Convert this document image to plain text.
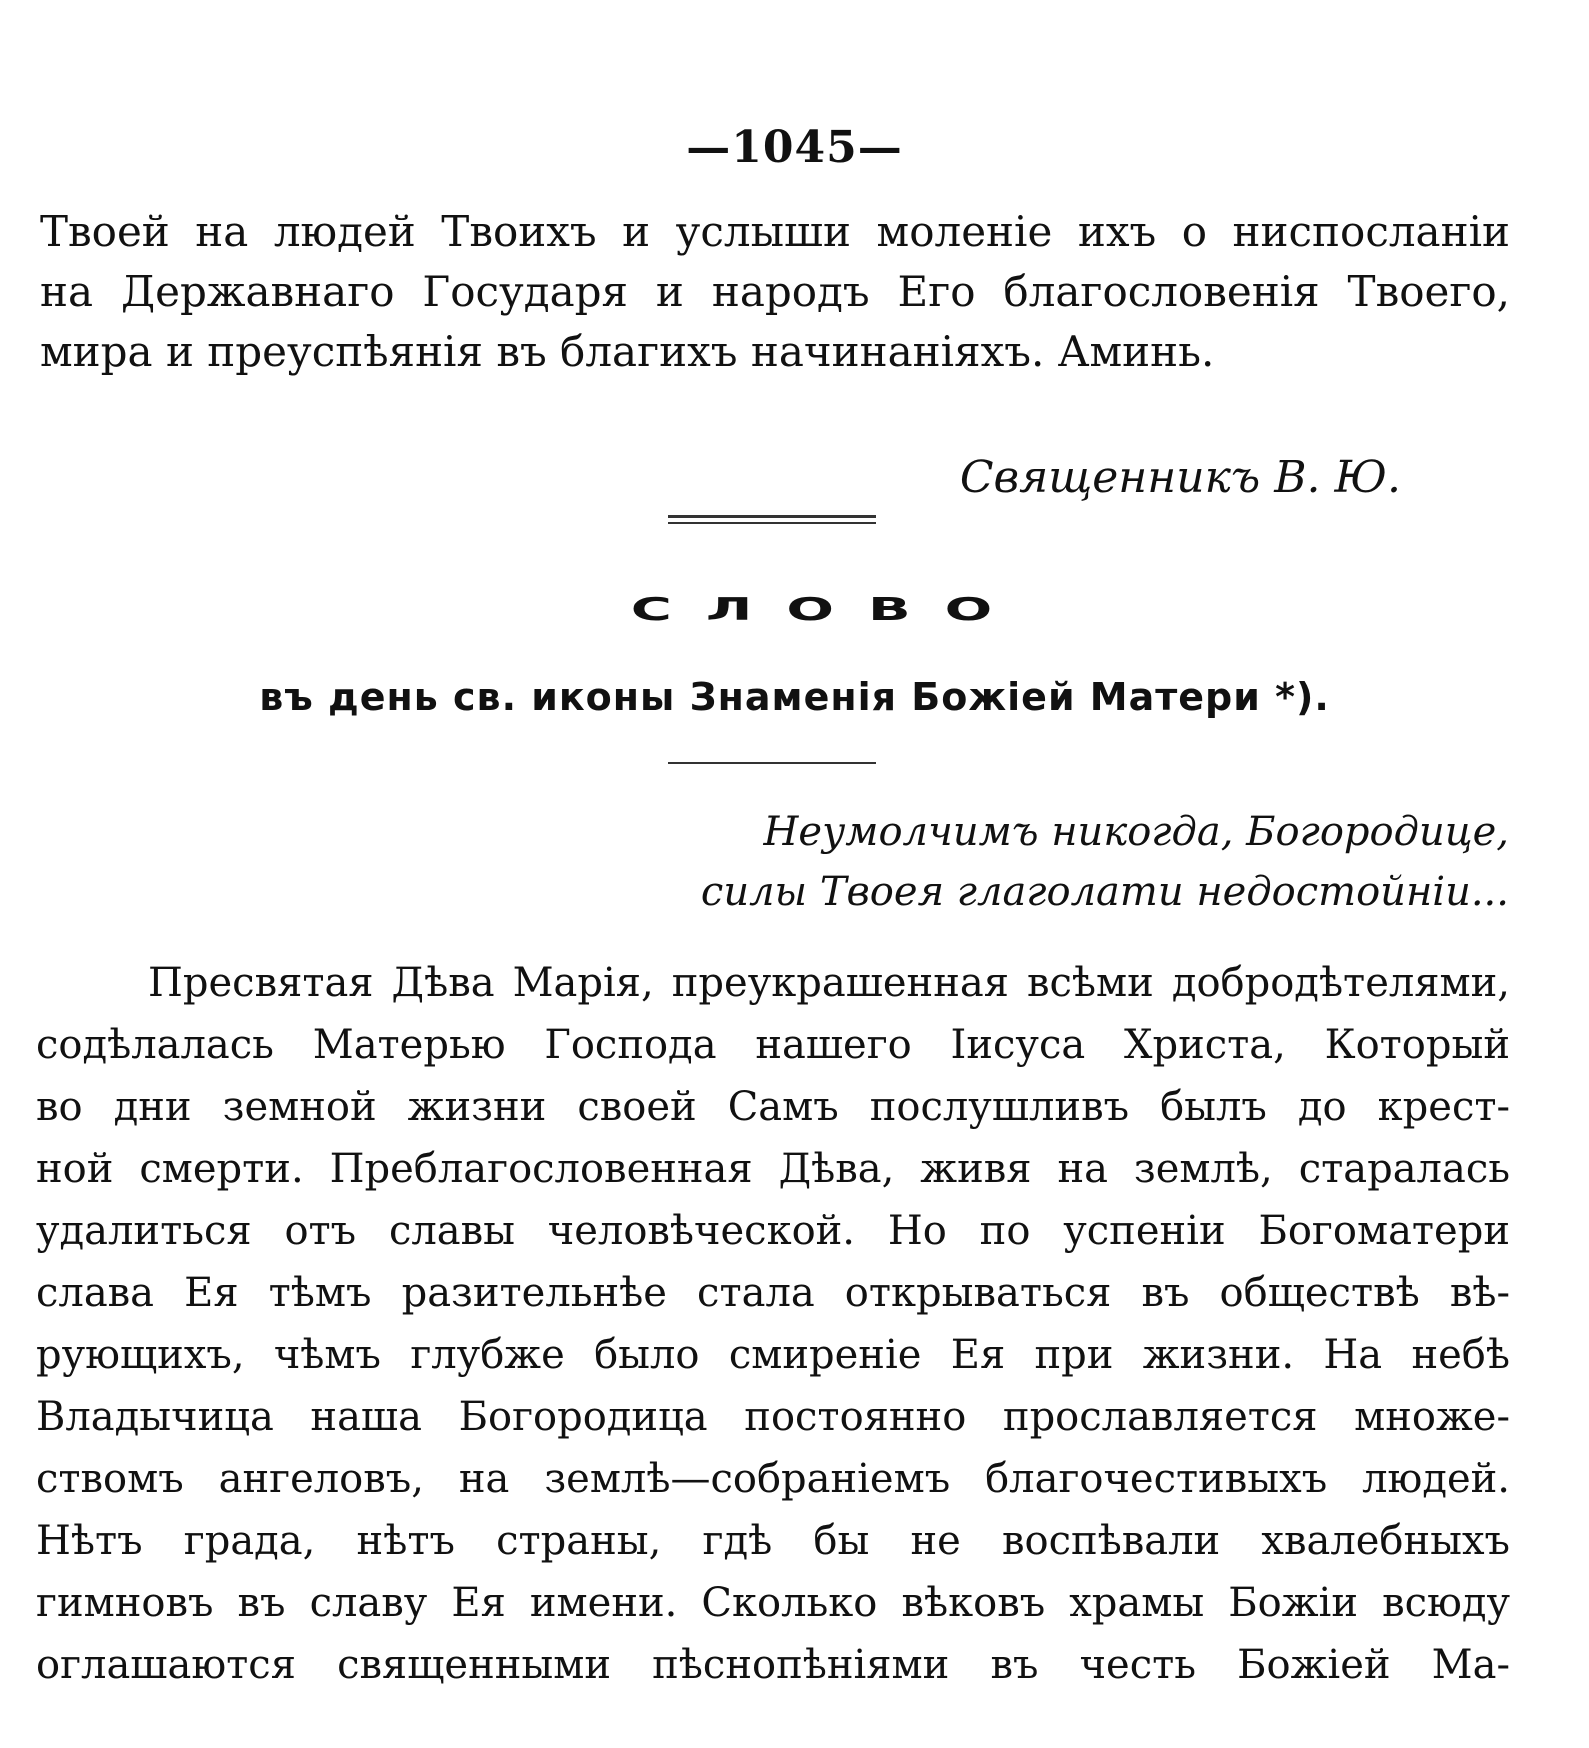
—1045—
Твоей на людей Твоихъ и услыши моленіе ихъ о ниспосланіи
на Державнаго Государя и народъ Его благословенія Твоего,
мира и преуспѣянія въ благихъ начинаніяхъ. Аминь.
Священникъ В. Ю.
СЛОВО
въ день св. иконы Знаменія Божіей Матери *).
Неумолчимъ никогда, Богородице,
силы Твоея глаголати недостойніи...
Пресвятая Дѣва Марія, преукрашенная всѣми добродѣтелями,
содѣлалась Матерью Господа нашего Іисуса Христа, Который
во дни земной жизни своей Самъ послушливъ былъ до крест-
ной смерти. Преблагословенная Дѣва, живя на землѣ, старалась
удалиться отъ славы человѣческой. Но по успеніи Богоматери
слава Ея тѣмъ разительнѣе стала открываться въ обществѣ вѣ-
рующихъ, чѣмъ глубже было смиреніе Ея при жизни. На небѣ
Владычица наша Богородица постоянно прославляется множе-
ствомъ ангеловъ, на землѣ—собраніемъ благочестивыхъ людей.
Нѣтъ града, нѣтъ страны, гдѣ бы не воспѣвали хвалебныхъ
гимновъ въ славу Ея имени. Сколько вѣковъ храмы Божіи всюду
оглашаются священными пѣснопѣніями въ честь Божіей Ма-
